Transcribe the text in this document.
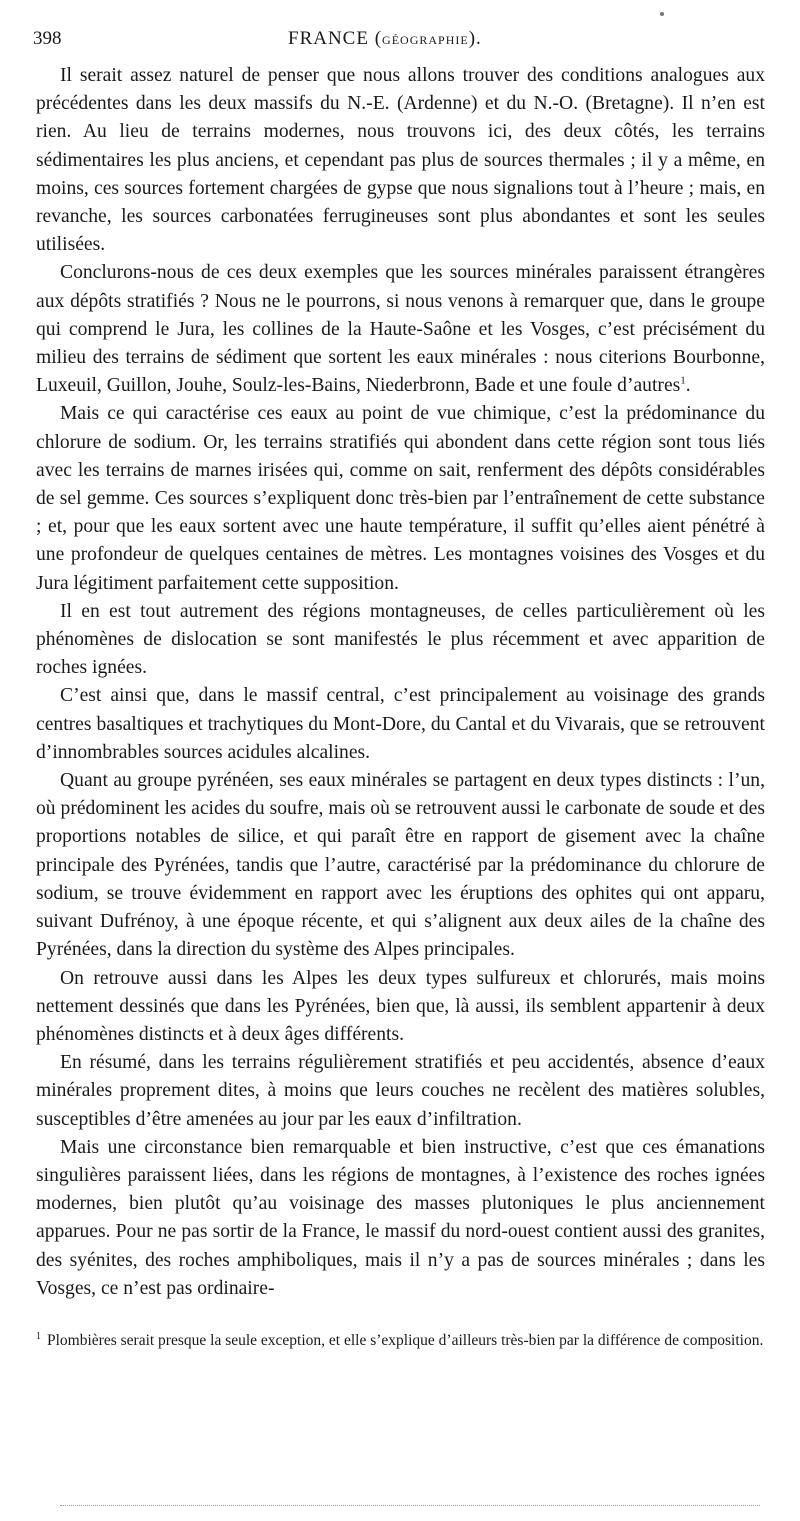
398	FRANCE (GÉOGRAPHIE).

Il serait assez naturel de penser que nous allons trouver des conditions analogues aux précédentes dans les deux massifs du N.-E. (Ardenne) et du N.-O. (Bretagne). Il n’en est rien. Au lieu de terrains modernes, nous trouvons ici, des deux côtés, les terrains sédimentaires les plus anciens, et cependant pas plus de sources thermales ; il y a même, en moins, ces sources fortement chargées de gypse que nous signalions tout à l’heure ; mais, en revanche, les sources carbonatées ferrugineuses sont plus abondantes et sont les seules utilisées.

Conclurons-nous de ces deux exemples que les sources minérales paraissent étrangères aux dépôts stratifiés ? Nous ne le pourrons, si nous venons à remarquer que, dans le groupe qui comprend le Jura, les collines de la Haute-Saône et les Vosges, c’est précisément du milieu des terrains de sédiment que sortent les eaux minérales : nous citerions Bourbonne, Luxeuil, Guillon, Jouhe, Soulz-les-Bains, Niederbronn, Bade et une foule d’autres$^1$.

Mais ce qui caractérise ces eaux au point de vue chimique, c’est la prédominance du chlorure de sodium. Or, les terrains stratifiés qui abondent dans cette région sont tous liés avec les terrains de marnes irisées qui, comme on sait, renferment des dépôts considérables de sel gemme. Ces sources s’expliquent donc très-bien par l’entraînement de cette substance ; et, pour que les eaux sortent avec une haute température, il suffit qu’elles aient pénétré à une profondeur de quelques centaines de mètres. Les montagnes voisines des Vosges et du Jura légitiment parfaitement cette supposition.

Il en est tout autrement des régions montagneuses, de celles particulièrement où les phénomènes de dislocation se sont manifestés le plus récemment et avec apparition de roches ignées.

C’est ainsi que, dans le massif central, c’est principalement au voisinage des grands centres basaltiques et trachytiques du Mont-Dore, du Cantal et du Vivarais, que se retrouvent d’innombrables sources acidules alcalines.

Quant au groupe pyrénéen, ses eaux minérales se partagent en deux types distincts : l’un, où prédominent les acides du soufre, mais où se retrouvent aussi le carbonate de soude et des proportions notables de silice, et qui paraît être en rapport de gisement avec la chaîne principale des Pyrénées, tandis que l’autre, caractérisé par la prédominance du chlorure de sodium, se trouve évidemment en rapport avec les éruptions des ophites qui ont apparu, suivant Dufrénoy, à une époque récente, et qui s’alignent aux deux ailes de la chaîne des Pyrénées, dans la direction du système des Alpes principales.

On retrouve aussi dans les Alpes les deux types sulfureux et chlorurés, mais moins nettement dessinés que dans les Pyrénées, bien que, là aussi, ils semblent appartenir à deux phénomènes distincts et à deux âges différents.

En résumé, dans les terrains régulièrement stratifiés et peu accidentés, absence d’eaux minérales proprement dites, à moins que leurs couches ne recèlent des matières solubles, susceptibles d’être amenées au jour par les eaux d’infiltration.

Mais une circonstance bien remarquable et bien instructive, c’est que ces émanations singulières paraissent liées, dans les régions de montagnes, à l’existence des roches ignées modernes, bien plutôt qu’au voisinage des masses plutoniques le plus anciennement apparues. Pour ne pas sortir de la France, le massif du nord-ouest contient aussi des granites, des syénites, des roches amphiboliques, mais il n’y a pas de sources minérales ; dans les Vosges, ce n’est pas ordinaire-

$^1$ Plombières serait presque la seule exception, et elle s’explique d’ailleurs très-bien par la différence de composition.
